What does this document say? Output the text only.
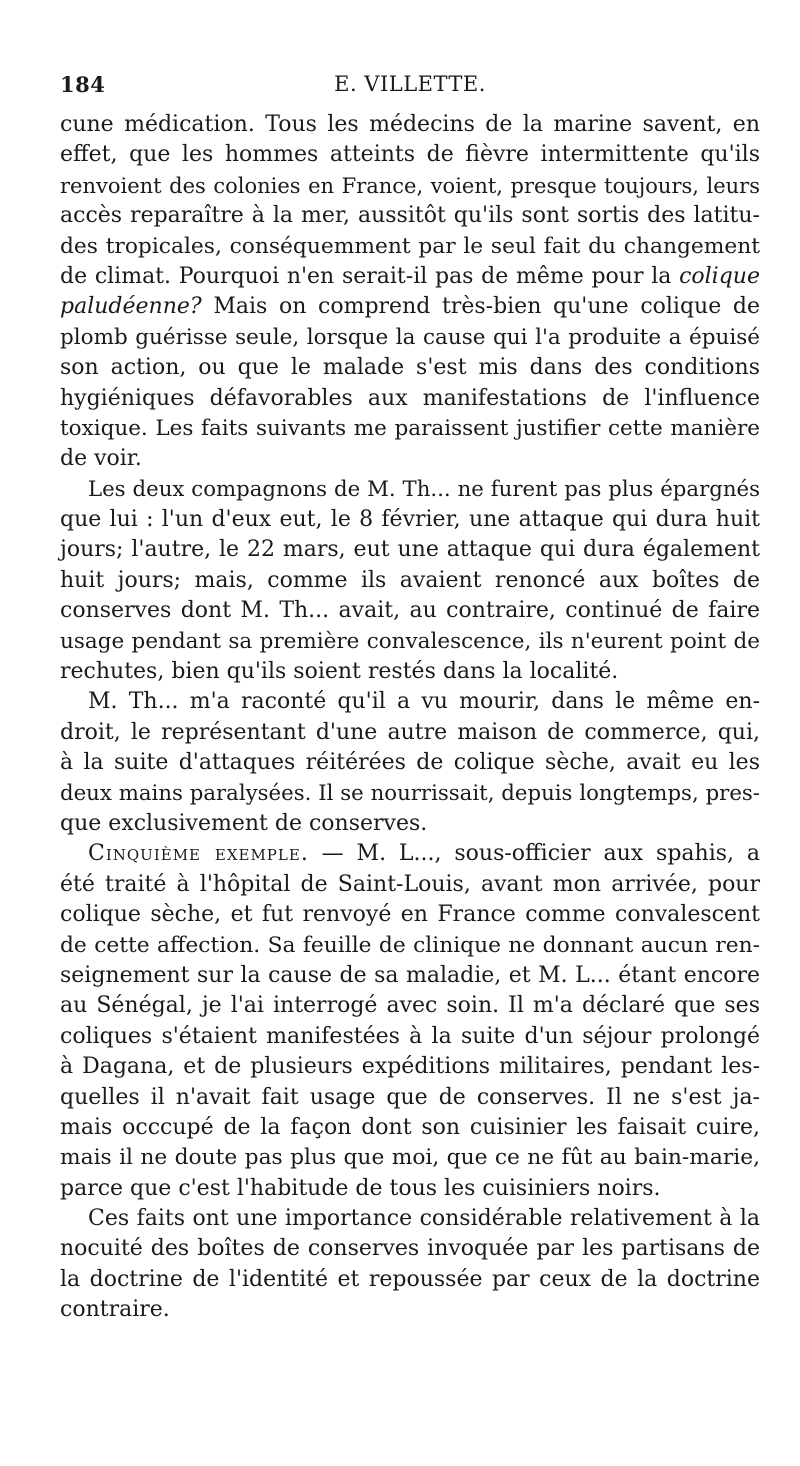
184	E. VILLETTE.
cune médication. Tous les médecins de la marine savent, en
effet, que les hommes atteints de fièvre intermittente qu'ils
renvoient des colonies en France, voient, presque toujours, leurs
accès reparaître à la mer, aussitôt qu'ils sont sortis des latitu-
des tropicales, conséquemment par le seul fait du changement
de climat. Pourquoi n'en serait-il pas de même pour la colique
paludéenne? Mais on comprend très-bien qu'une colique de
plomb guérisse seule, lorsque la cause qui l'a produite a épuisé
son action, ou que le malade s'est mis dans des conditions
hygiéniques défavorables aux manifestations de l'influence
toxique. Les faits suivants me paraissent justifier cette manière
de voir.
Les deux compagnons de M. Th... ne furent pas plus épargnés
que lui : l'un d'eux eut, le 8 février, une attaque qui dura huit
jours; l'autre, le 22 mars, eut une attaque qui dura également
huit jours; mais, comme ils avaient renoncé aux boîtes de
conserves dont M. Th... avait, au contraire, continué de faire
usage pendant sa première convalescence, ils n'eurent point de
rechutes, bien qu'ils soient restés dans la localité.
M. Th... m'a raconté qu'il a vu mourir, dans le même en-
droit, le représentant d'une autre maison de commerce, qui,
à la suite d'attaques réitérées de colique sèche, avait eu les
deux mains paralysées. Il se nourrissait, depuis longtemps, pres-
que exclusivement de conserves.
Cinquième exemple. — M. L..., sous-officier aux spahis, a
été traité à l'hôpital de Saint-Louis, avant mon arrivée, pour
colique sèche, et fut renvoyé en France comme convalescent
de cette affection. Sa feuille de clinique ne donnant aucun ren-
seignement sur la cause de sa maladie, et M. L... étant encore
au Sénégal, je l'ai interrogé avec soin. Il m'a déclaré que ses
coliques s'étaient manifestées à la suite d'un séjour prolongé
à Dagana, et de plusieurs expéditions militaires, pendant les-
quelles il n'avait fait usage que de conserves. Il ne s'est ja-
mais occcupé de la façon dont son cuisinier les faisait cuire,
mais il ne doute pas plus que moi, que ce ne fût au bain-marie,
parce que c'est l'habitude de tous les cuisiniers noirs.
Ces faits ont une importance considérable relativement à la
nocuité des boîtes de conserves invoquée par les partisans de
la doctrine de l'identité et repoussée par ceux de la doctrine
contraire.
